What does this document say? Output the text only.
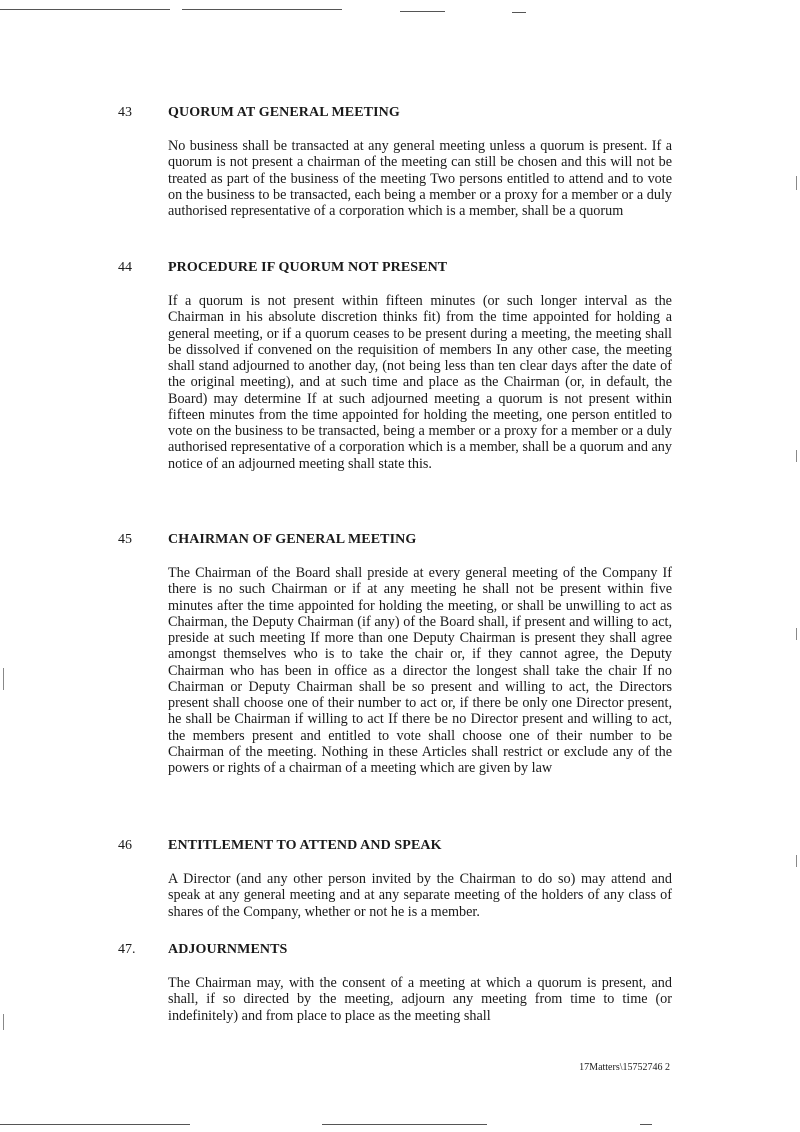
43	QUORUM AT GENERAL MEETING

No business shall be transacted at any general meeting unless a quorum is present. If a quorum is not present a chairman of the meeting can still be chosen and this will not be treated as part of the business of the meeting Two persons entitled to attend and to vote on the business to be transacted, each being a member or a proxy for a member or a duly authorised representative of a corporation which is a member, shall be a quorum

44	PROCEDURE IF QUORUM NOT PRESENT

If a quorum is not present within fifteen minutes (or such longer interval as the Chairman in his absolute discretion thinks fit) from the time appointed for holding a general meeting, or if a quorum ceases to be present during a meeting, the meeting shall be dissolved if convened on the requisition of members In any other case, the meeting shall stand adjourned to another day, (not being less than ten clear days after the date of the original meeting), and at such time and place as the Chairman (or, in default, the Board) may determine If at such adjourned meeting a quorum is not present within fifteen minutes from the time appointed for holding the meeting, one person entitled to vote on the business to be transacted, being a member or a proxy for a member or a duly authorised representative of a corporation which is a member, shall be a quorum and any notice of an adjourned meeting shall state this.

45	CHAIRMAN OF GENERAL MEETING

The Chairman of the Board shall preside at every general meeting of the Company If there is no such Chairman or if at any meeting he shall not be present within five minutes after the time appointed for holding the meeting, or shall be unwilling to act as Chairman, the Deputy Chairman (if any) of the Board shall, if present and willing to act, preside at such meeting If more than one Deputy Chairman is present they shall agree amongst themselves who is to take the chair or, if they cannot agree, the Deputy Chairman who has been in office as a director the longest shall take the chair If no Chairman or Deputy Chairman shall be so present and willing to act, the Directors present shall choose one of their number to act or, if there be only one Director present, he shall be Chairman if willing to act If there be no Director present and willing to act, the members present and entitled to vote shall choose one of their number to be Chairman of the meeting. Nothing in these Articles shall restrict or exclude any of the powers or rights of a chairman of a meeting which are given by law

46	ENTITLEMENT TO ATTEND AND SPEAK

A Director (and any other person invited by the Chairman to do so) may attend and speak at any general meeting and at any separate meeting of the holders of any class of shares of the Company, whether or not he is a member.

47.	ADJOURNMENTS

The Chairman may, with the consent of a meeting at which a quorum is present, and shall, if so directed by the meeting, adjourn any meeting from time to time (or indefinitely) and from place to place as the meeting shall

17Matters\15752746 2
